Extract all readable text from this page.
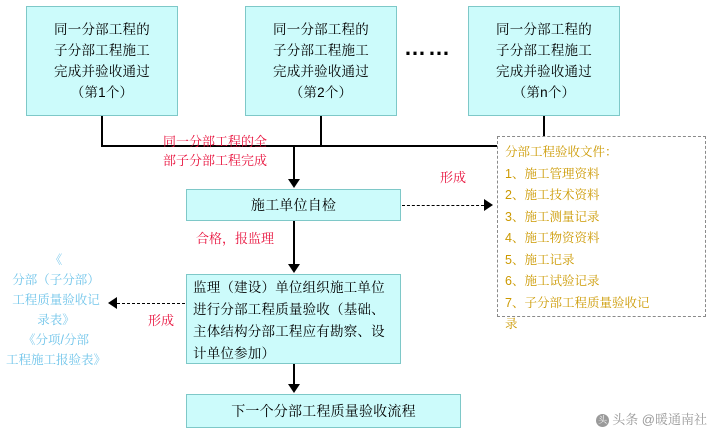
同一分部工程的
子分部工程施工
完成并验收通过
（第1个）
同一分部工程的
子分部工程施工
完成并验收通过
（第2个）
同一分部工程的
子分部工程施工
完成并验收通过
（第n个）
……
同一分部工程的全
部子分部工程完成
施工单位自检
合格，报监理
形成
监理（建设）单位组织施工单位
进行分部工程质量验收（基础、
主体结构分部工程应有勘察、设
计单位参加）
形成
下一个分部工程质量验收流程
分部工程验收文件：
1、施工管理资料
2、施工技术资料
3、施工测量记录
4、施工物资资料
5、施工记录
6、施工试验记录
7、子分部工程质量验收记
录
《
分部（子分部）
工程质量验收记
录表》
《分项/分部
工程施工报验表》
头 头条 @暖通南社
